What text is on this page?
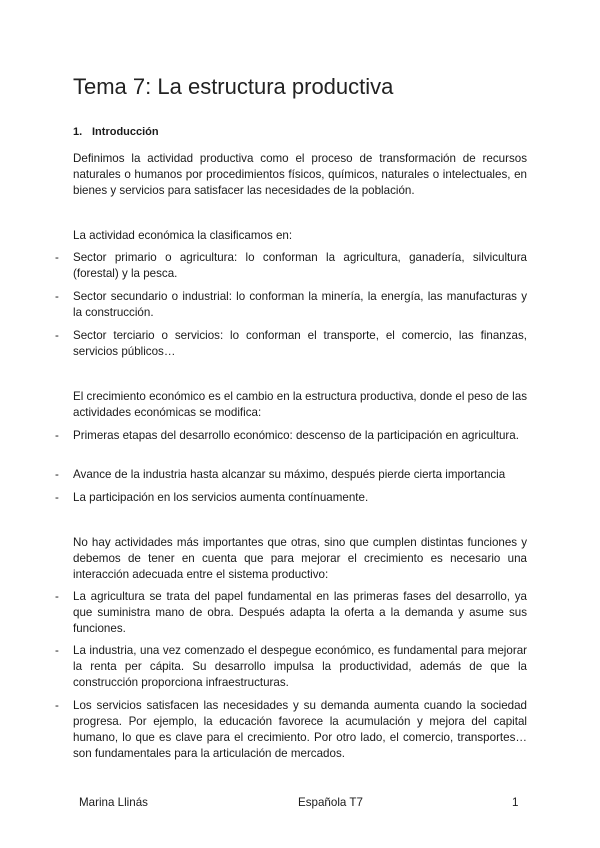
Tema 7: La estructura productiva
1. Introducción
Definimos la actividad productiva como el proceso de transformación de recursos naturales o humanos por procedimientos físicos, químicos, naturales o intelectuales, en bienes y servicios para satisfacer las necesidades de la población.
La actividad económica la clasificamos en:
- Sector primario o agricultura: lo conforman la agricultura, ganadería, silvicultura (forestal) y la pesca.
- Sector secundario o industrial: lo conforman la minería, la energía, las manufacturas y la construcción.
- Sector terciario o servicios: lo conforman el transporte, el comercio, las finanzas, servicios públicos…
El crecimiento económico es el cambio en la estructura productiva, donde el peso de las actividades económicas se modifica:
- Primeras etapas del desarrollo económico: descenso de la participación en agricultura.
- Avance de la industria hasta alcanzar su máximo, después pierde cierta importancia
- La participación en los servicios aumenta contínuamente.
No hay actividades más importantes que otras, sino que cumplen distintas funciones y debemos de tener en cuenta que para mejorar el crecimiento es necesario una interacción adecuada entre el sistema productivo:
- La agricultura se trata del papel fundamental en las primeras fases del desarrollo, ya que suministra mano de obra. Después adapta la oferta a la demanda y asume sus funciones.
- La industria, una vez comenzado el despegue económico, es fundamental para mejorar la renta per cápita. Su desarrollo impulsa la productividad, además de que la construcción proporciona infraestructuras.
- Los servicios satisfacen las necesidades y su demanda aumenta cuando la sociedad progresa. Por ejemplo, la educación favorece la acumulación y mejora del capital humano, lo que es clave para el crecimiento. Por otro lado, el comercio, transportes… son fundamentales para la articulación de mercados.
Marina Llinás	Española T7	1
